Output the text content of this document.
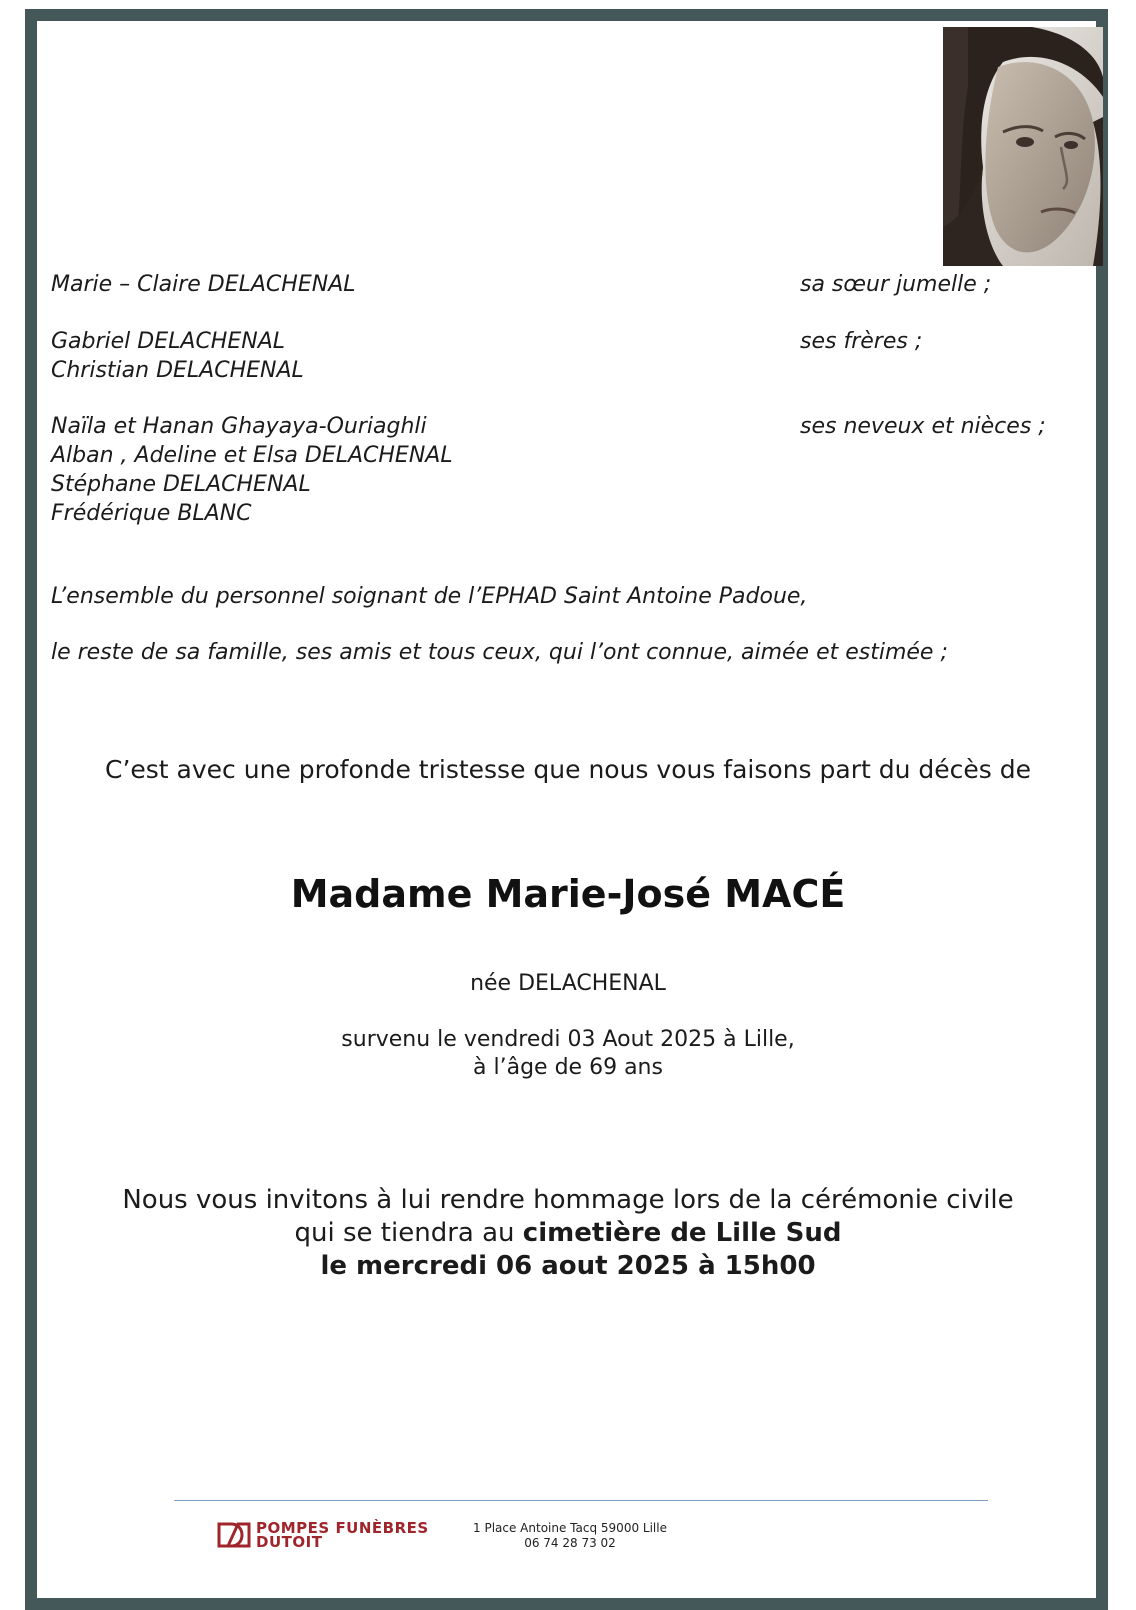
Marie – Claire DELACHENAL	sa sœur jumelle ;
Gabriel DELACHENAL
Christian DELACHENAL
ses frères ;
Naïla et Hanan Ghayaya-Ouriaghli
Alban , Adeline et Elsa DELACHENAL
Stéphane DELACHENAL
Frédérique BLANC
ses neveux et nièces ;
L’ensemble du personnel soignant de l’EPHAD Saint Antoine Padoue,
le reste de sa famille, ses amis et tous ceux, qui l’ont connue, aimée et estimée ;
C’est avec une profonde tristesse que nous vous faisons part du décès de
Madame Marie-José MACÉ
née DELACHENAL
survenu le vendredi 03 Aout 2025 à Lille,
à l’âge de 69 ans
Nous vous invitons à lui rendre hommage lors de la cérémonie civile
qui se tiendra au cimetière de Lille Sud
le mercredi 06 aout 2025 à 15h00
POMPES FUNÈBRES
DUTOIT
1 Place Antoine Tacq 59000 Lille
06 74 28 73 02
